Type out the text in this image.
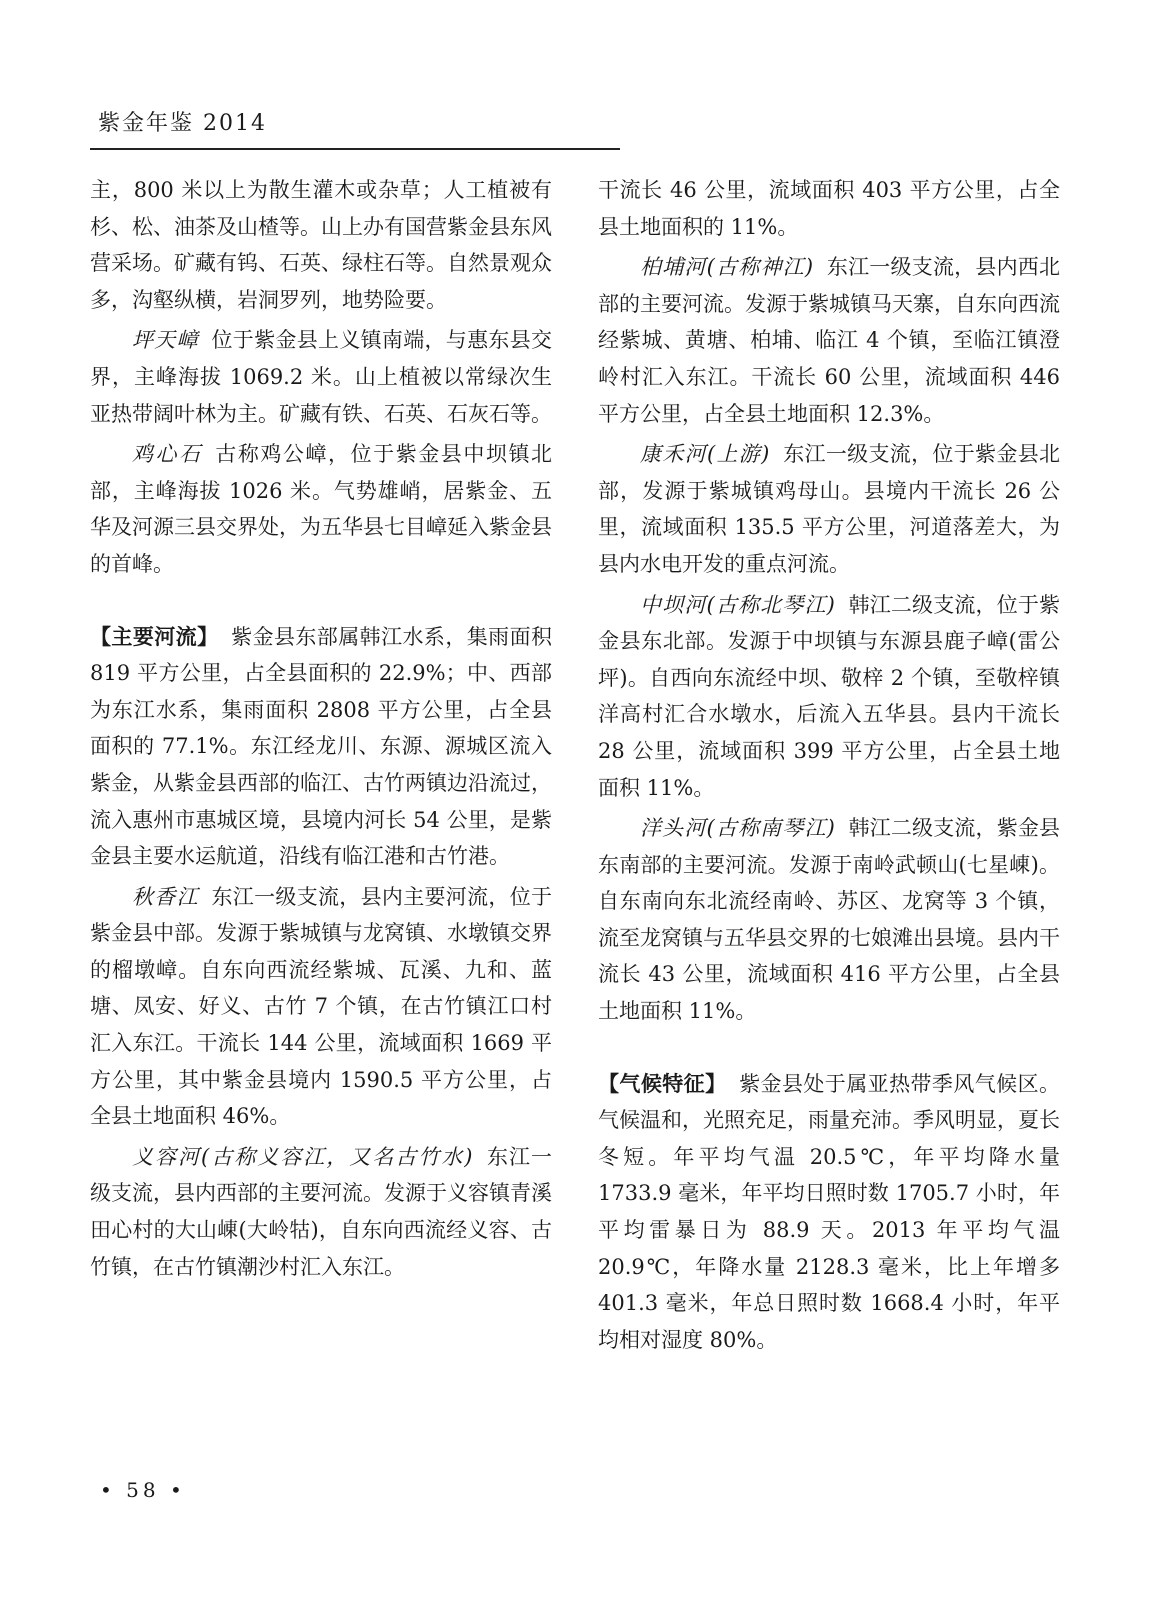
紫金年鉴 2014

主，800 米以上为散生灌木或杂草；人工植被有杉、松、油茶及山楂等。山上办有国营紫金县东风营采场。矿藏有钨、石英、绿柱石等。自然景观众多，沟壑纵横，岩洞罗列，地势险要。

坪天嶂 位于紫金县上义镇南端，与惠东县交界，主峰海拔 1069.2 米。山上植被以常绿次生亚热带阔叶林为主。矿藏有铁、石英、石灰石等。

鸡心石 古称鸡公嶂，位于紫金县中坝镇北部，主峰海拔 1026 米。气势雄峭，居紫金、五华及河源三县交界处，为五华县七目嶂延入紫金县的首峰。

【主要河流】 紫金县东部属韩江水系，集雨面积 819 平方公里，占全县面积的 22.9%；中、西部为东江水系，集雨面积 2808 平方公里，占全县面积的 77.1%。东江经龙川、东源、源城区流入紫金，从紫金县西部的临江、古竹两镇边沿流过，流入惠州市惠城区境，县境内河长 54 公里，是紫金县主要水运航道，沿线有临江港和古竹港。

秋香江 东江一级支流，县内主要河流，位于紫金县中部。发源于紫城镇与龙窝镇、水墩镇交界的榴墩嶂。自东向西流经紫城、瓦溪、九和、蓝塘、凤安、好义、古竹 7 个镇，在古竹镇江口村汇入东江。干流长 144 公里，流域面积 1669 平方公里，其中紫金县境内 1590.5 平方公里，占全县土地面积 46%。

义容河(古称义容江，又名古竹水) 东江一级支流，县内西部的主要河流。发源于义容镇青溪田心村的大山崠(大岭牯)，自东向西流经义容、古竹镇，在古竹镇潮沙村汇入东江。

干流长 46 公里，流域面积 403 平方公里，占全县土地面积的 11%。

柏埔河(古称神江) 东江一级支流，县内西北部的主要河流。发源于紫城镇马天寨，自东向西流经紫城、黄塘、柏埔、临江 4 个镇，至临江镇澄岭村汇入东江。干流长 60 公里，流域面积 446 平方公里，占全县土地面积 12.3%。

康禾河(上游) 东江一级支流，位于紫金县北部，发源于紫城镇鸡母山。县境内干流长 26 公里，流域面积 135.5 平方公里，河道落差大，为县内水电开发的重点河流。

中坝河(古称北琴江) 韩江二级支流，位于紫金县东北部。发源于中坝镇与东源县鹿子嶂(雷公坪)。自西向东流经中坝、敬梓 2 个镇，至敬梓镇洋高村汇合水墩水，后流入五华县。县内干流长 28 公里，流域面积 399 平方公里，占全县土地面积 11%。

洋头河(古称南琴江) 韩江二级支流，紫金县东南部的主要河流。发源于南岭武顿山(七星崠)。自东南向东北流经南岭、苏区、龙窝等 3 个镇，流至龙窝镇与五华县交界的七娘滩出县境。县内干流长 43 公里，流域面积 416 平方公里，占全县土地面积 11%。

【气候特征】 紫金县处于属亚热带季风气候区。气候温和，光照充足，雨量充沛。季风明显，夏长冬短。年平均气温 20.5℃，年平均降水量 1733.9 毫米，年平均日照时数 1705.7 小时，年平均雷暴日为 88.9 天。2013 年平均气温 20.9℃，年降水量 2128.3 毫米，比上年增多 401.3 毫米，年总日照时数 1668.4 小时，年平均相对湿度 80%。

• 58 •
